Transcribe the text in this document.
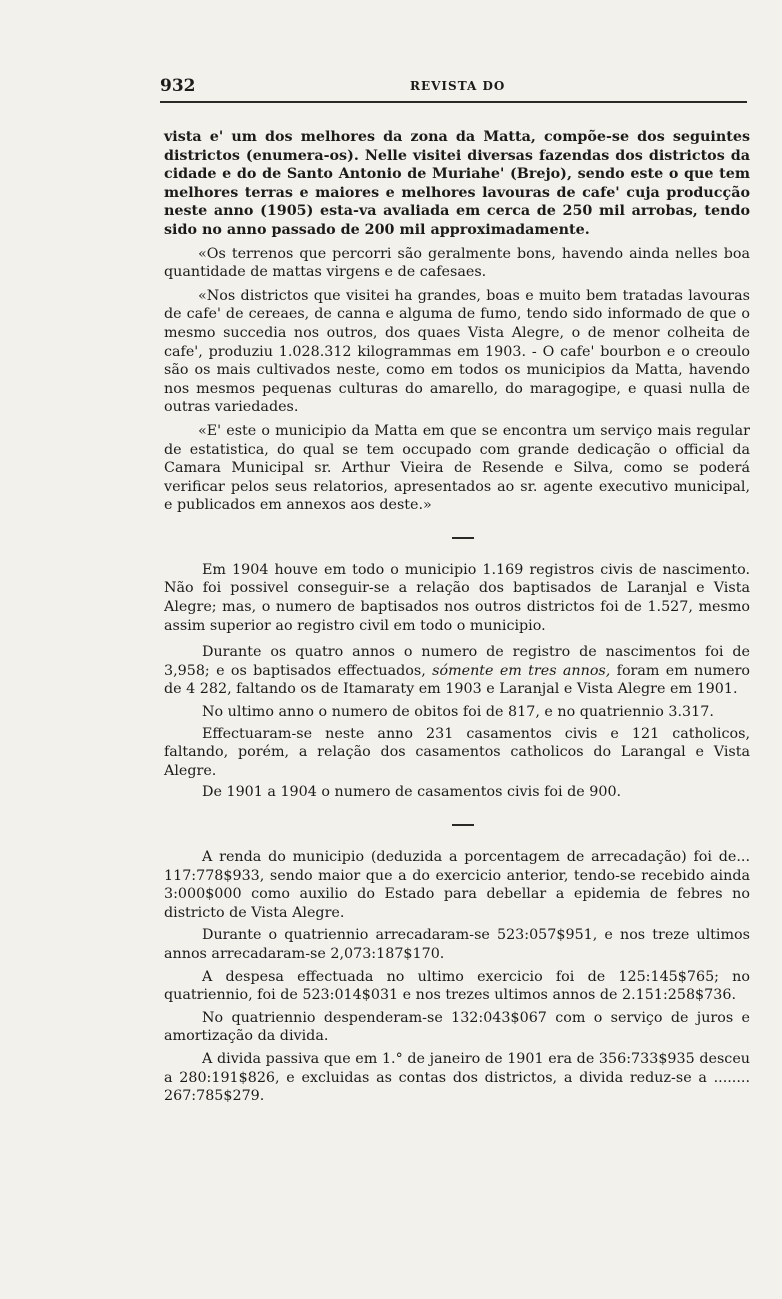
932	REVISTA DO

vista e' um dos melhores da zona da Matta, compõe-se dos seguintes districtos (enumera-os). Nelle visitei diversas fazendas dos districtos da cidade e do de Santo Antonio de Muriahe' (Brejo), sendo este o que tem melhores terras e maiores e melhores lavouras de cafe' cuja producção neste anno (1905) esta-va avaliada em cerca de 250 mil arrobas, tendo sido no anno passado de 200 mil approximadamente.

«Os terrenos que percorri são geralmente bons, havendo ainda nelles boa quantidade de mattas virgens e de cafesaes.

«Nos districtos que visitei ha grandes, boas e muito bem tratadas lavouras de cafe' de cereaes, de canna e alguma de fumo, tendo sido informado de que o mesmo succedia nos outros, dos quaes Vista Alegre, o de menor colheita de cafe', produziu 1.028.312 kilogrammas em 1903. - O cafe' bourbon e o creoulo são os mais cultivados neste, como em todos os municipios da Matta, havendo nos mesmos pequenas culturas do amarello, do maragogipe, e quasi nulla de outras variedades.

«E' este o municipio da Matta em que se encontra um serviço mais regular de estatistica, do qual se tem occupado com grande dedicação o official da Camara Municipal sr. Arthur Vieira de Resende e Silva, como se poderá verificar pelos seus relatorios, apresentados ao sr. agente executivo municipal, e publicados em annexos aos deste.»

Em 1904 houve em todo o municipio 1.169 registros civis de nascimento. Não foi possivel conseguir-se a relação dos baptisados de Laranjal e Vista Alegre; mas, o numero de baptisados nos outros districtos foi de 1.527, mesmo assim superior ao registro civil em todo o municipio.

Durante os quatro annos o numero de registro de nascimentos foi de 3,958; e os baptisados effectuados, sómente em tres annos, foram em numero de 4 282, faltando os de Itamaraty em 1903 e Laranjal e Vista Alegre em 1901.

No ultimo anno o numero de obitos foi de 817, e no quatriennio 3.317.

Effectuaram-se neste anno 231 casamentos civis e 121 catholicos, faltando, porém, a relação dos casamentos catholicos do Larangal e Vista Alegre.

De 1901 a 1904 o numero de casamentos civis foi de 900.

A renda do municipio (deduzida a porcentagem de arrecadação) foi de... 117:778$933, sendo maior que a do exercicio anterior, tendo-se recebido ainda 3:000$000 como auxilio do Estado para debellar a epidemia de febres no districto de Vista Alegre.

Durante o quatriennio arrecadaram-se 523:057$951, e nos treze ultimos annos arrecadaram-se 2,073:187$170.

A despesa effectuada no ultimo exercicio foi de 125:145$765; no quatriennio, foi de 523:014$031 e nos trezes ultimos annos de 2.151:258$736.

No quatriennio despenderam-se 132:043$067 com o serviço de juros e amortização da divida.

A divida passiva que em 1.° de janeiro de 1901 era de 356:733$935 desceu a 280:191$826, e excluidas as contas dos districtos, a divida reduz-se a ........ 267:785$279.
